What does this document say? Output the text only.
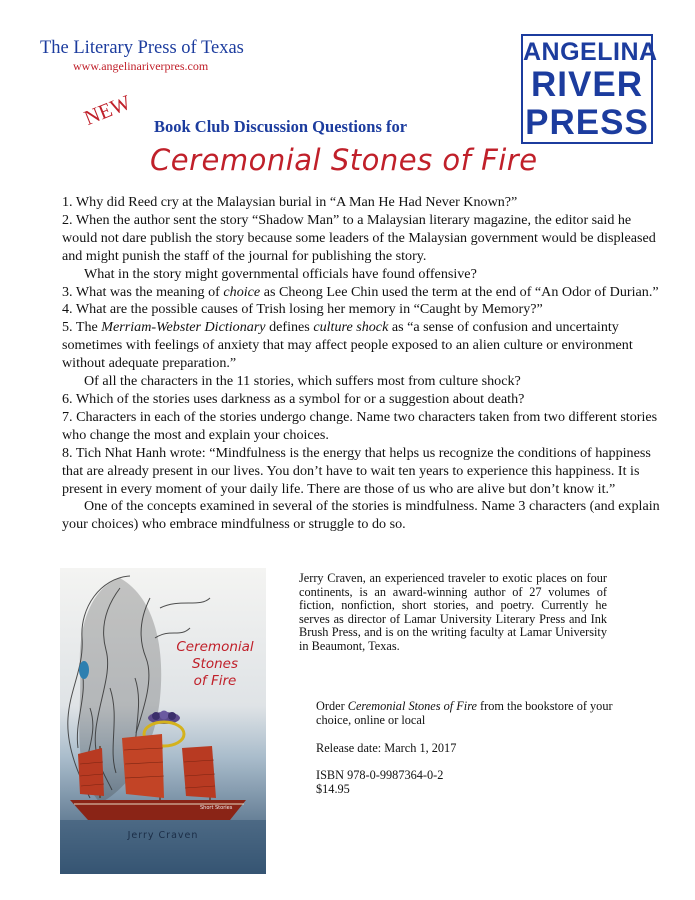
The Literary Press of Texas
www.angelinariverpres.com	ANGELINA
RIVER
PRESS
NEW Book Club Discussion Questions for
Ceremonial Stones of Fire

1. Why did Reed cry at the Malaysian burial in “A Man He Had Never Known?”

2. When the author sent the story “Shadow Man” to a Malaysian literary magazine, the editor said he would not dare publish the story because some leaders of the Malaysian government would be displeased and might punish the staff of the journal for publishing the story.

What in the story might governmental officials have found offensive?

3. What was the meaning of choice as Cheong Lee Chin used the term at the end of “An Odor of Durian.”

4. What are the possible causes of Trish losing her memory in “Caught by Memory?”

5. The Merriam-Webster Dictionary defines culture shock as “a sense of confusion and uncertainty sometimes with feelings of anxiety that may affect people exposed to an alien culture or environment without adequate preparation.”

Of all the characters in the 11 stories, which suffers most from culture shock?

6. Which of the stories uses darkness as a symbol for or a suggestion about death?

7. Characters in each of the stories undergo change. Name two characters taken from two different stories who change the most and explain your choices.

8. Tich Nhat Hanh wrote: “Mindfulness is the energy that helps us recognize the conditions of happiness that are already present in our lives. You don’t have to wait ten years to experience this happiness. It is present in every moment of your daily life. There are those of us who are alive but don’t know it.”

One of the concepts examined in several of the stories is mindfulness. Name 3 characters (and explain your choices) who embrace mindfulness or struggle to do so.

Ceremonial
Stones
of Fire
Short Stories
Jerry Craven
Jerry Craven, an experienced traveler to exotic places on four continents, is an award-winning author of 27 volumes of fiction, nonfiction, short stories, and poetry. Currently he serves as director of Lamar University Literary Press and Ink Brush Press, and is on the writing faculty at Lamar University in Beaumont, Texas.

Order Ceremonial Stones of Fire from the bookstore of your choice, online or local

Release date: March 1, 2017

ISBN 978-0-9987364-0-2

$14.95
